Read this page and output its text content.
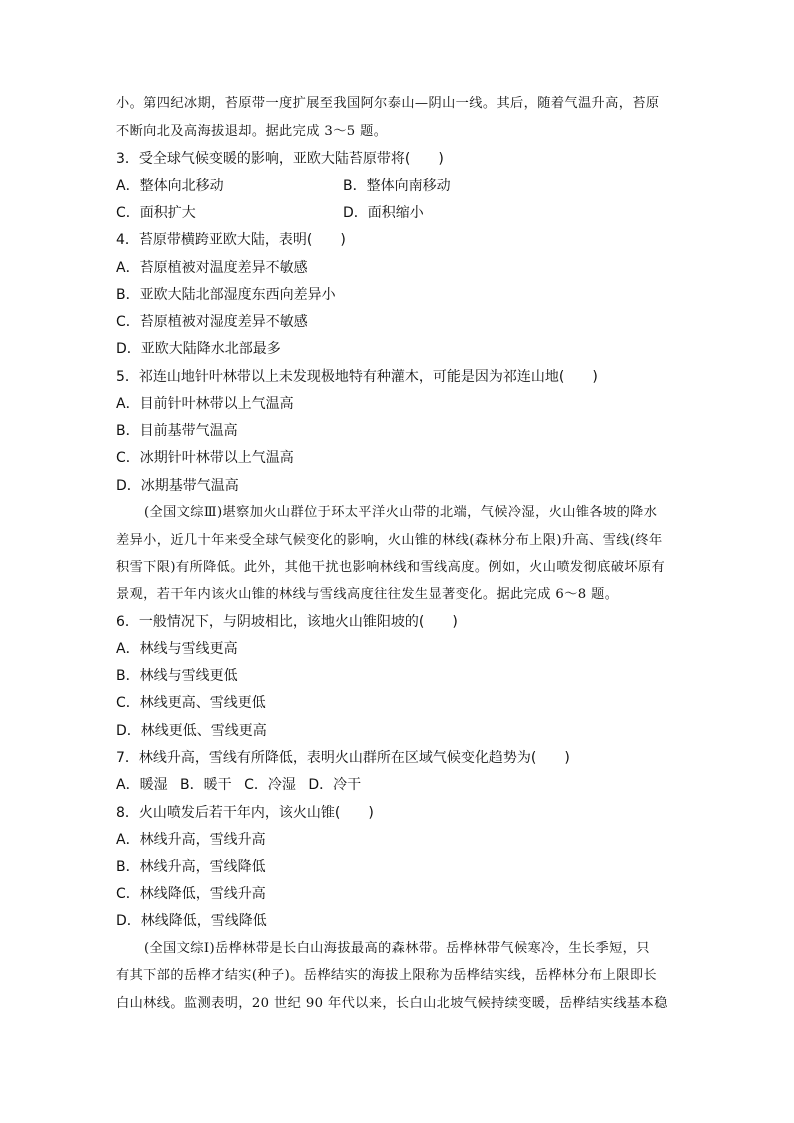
小。第四纪冰期，苔原带一度扩展至我国阿尔泰山—阴山一线。其后，随着气温升高，苔原
不断向北及高海拔退却。据此完成 3～5 题。
3．受全球气候变暖的影响，亚欧大陆苔原带将(　　)
A．整体向北移动	B．整体向南移动
C．面积扩大	D．面积缩小
4．苔原带横跨亚欧大陆，表明(　　)
A．苔原植被对温度差异不敏感
B．亚欧大陆北部湿度东西向差异小
C．苔原植被对湿度差异不敏感
D．亚欧大陆降水北部最多
5．祁连山地针叶林带以上未发现极地特有种灌木，可能是因为祁连山地(　　)
A．目前针叶林带以上气温高
B．目前基带气温高
C．冰期针叶林带以上气温高
D．冰期基带气温高
(全国文综Ⅲ)堪察加火山群位于环太平洋火山带的北端，气候冷湿，火山锥各坡的降水
差异小，近几十年来受全球气候变化的影响，火山锥的林线(森林分布上限)升高、雪线(终年
积雪下限)有所降低。此外，其他干扰也影响林线和雪线高度。例如，火山喷发彻底破坏原有
景观，若干年内该火山锥的林线与雪线高度往往发生显著变化。据此完成 6～8 题。
6．一般情况下，与阴坡相比，该地火山锥阳坡的(　　)
A．林线与雪线更高
B．林线与雪线更低
C．林线更高、雪线更低
D．林线更低、雪线更高
7．林线升高，雪线有所降低，表明火山群所在区域气候变化趋势为(　　)
A．暖湿 B．暖干 C．冷湿 D．冷干
8．火山喷发后若干年内，该火山锥(　　)
A．林线升高，雪线升高
B．林线升高，雪线降低
C．林线降低，雪线升高
D．林线降低，雪线降低
(全国文综Ⅰ)岳桦林带是长白山海拔最高的森林带。岳桦林带气候寒冷，生长季短，只
有其下部的岳桦才结实(种子)。岳桦结实的海拔上限称为岳桦结实线，岳桦林分布上限即长
白山林线。监测表明，20 世纪 90 年代以来，长白山北坡气候持续变暖，岳桦结实线基本稳
